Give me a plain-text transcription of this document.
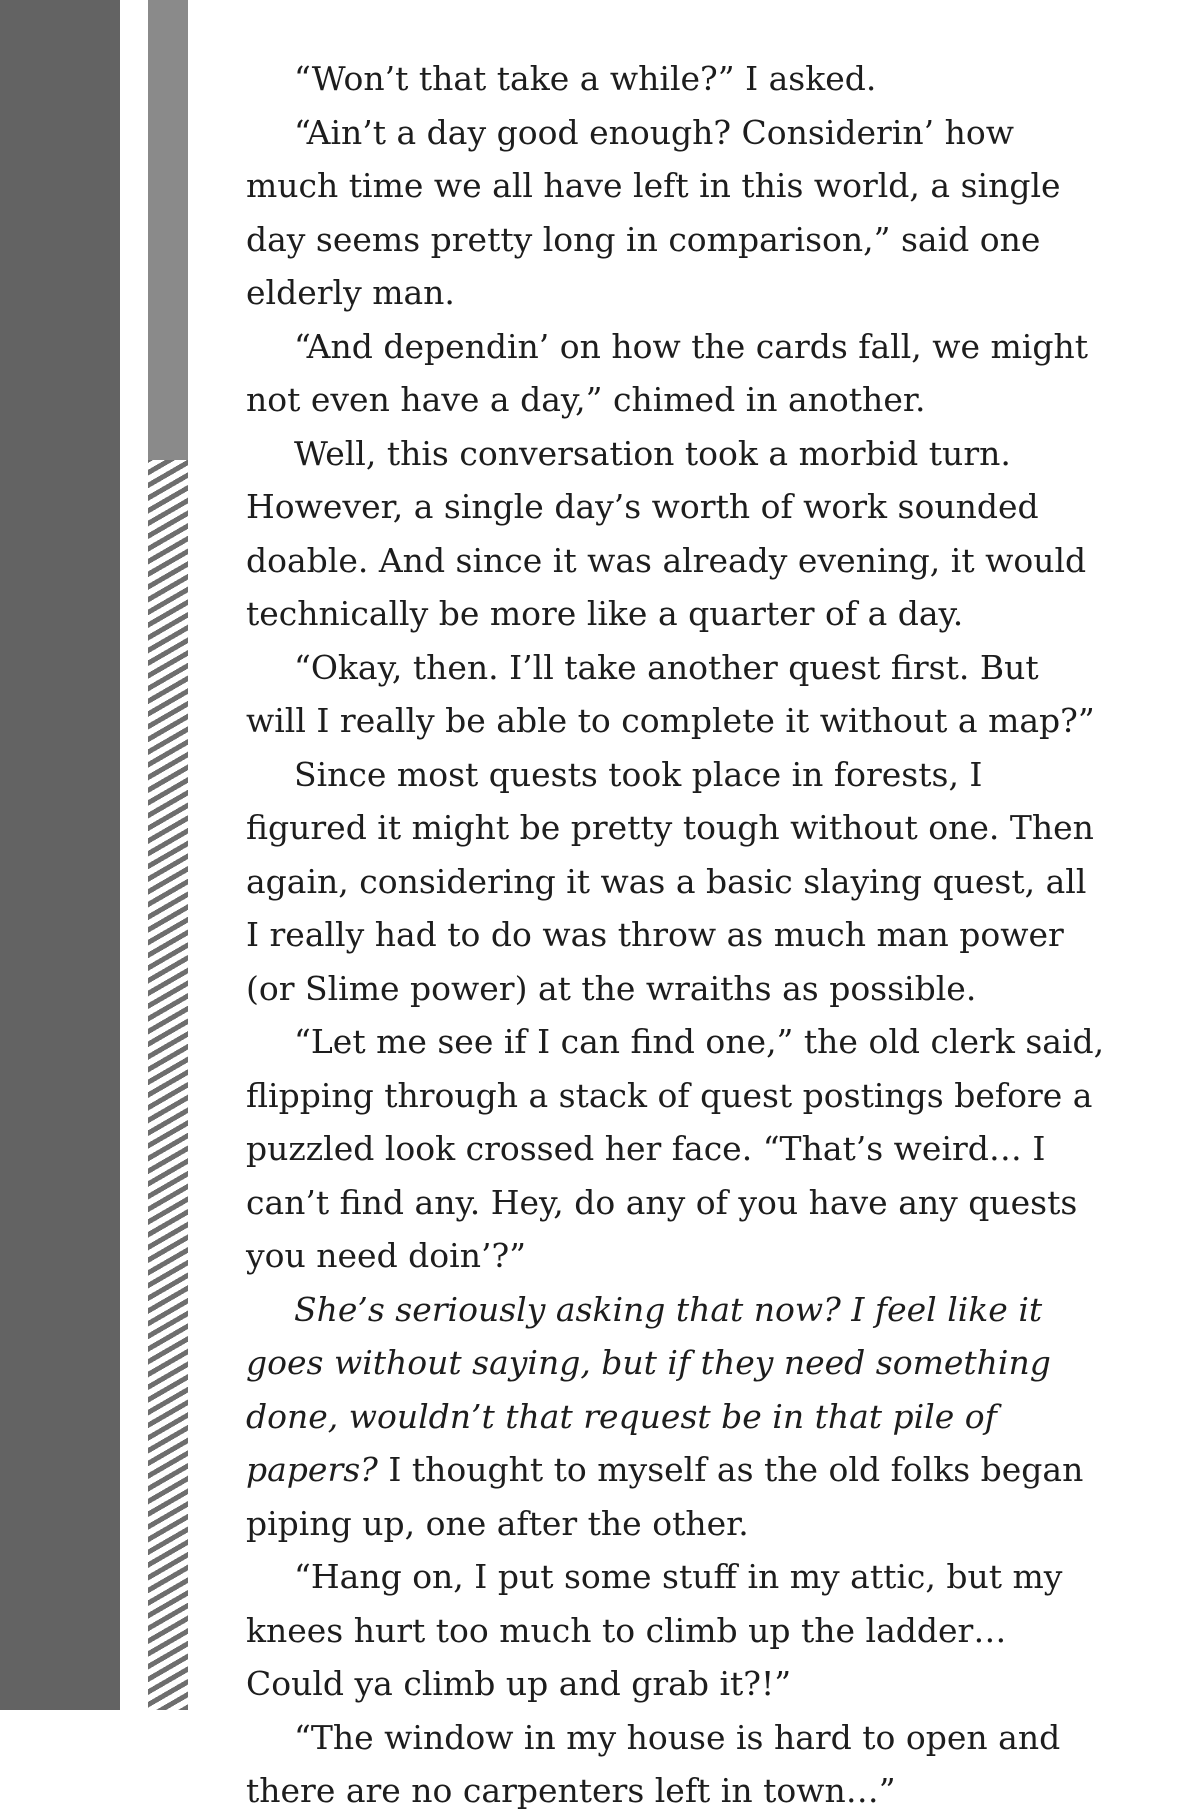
“Won’t that take a while?” I asked.

“Ain’t a day good enough? Considerin’ how much time we all have left in this world, a single day seems pretty long in comparison,” said one elderly man.

“And dependin’ on how the cards fall, we might not even have a day,” chimed in another.

Well, this conversation took a morbid turn. However, a single day’s worth of work sounded doable. And since it was already evening, it would technically be more like a quarter of a day.

“Okay, then. I’ll take another quest first. But will I really be able to complete it without a map?”

Since most quests took place in forests, I figured it might be pretty tough without one. Then again, considering it was a basic slaying quest, all I really had to do was throw as much man power (or Slime power) at the wraiths as possible.

“Let me see if I can find one,” the old clerk said, flipping through a stack of quest postings before a puzzled look crossed her face. “That’s weird… I can’t find any. Hey, do any of you have any quests you need doin’?”

She’s seriously asking that now? I feel like it goes without saying, but if they need something done, wouldn’t that request be in that pile of papers? I thought to myself as the old folks began piping up, one after the other.

“Hang on, I put some stuff in my attic, but my knees hurt too much to climb up the ladder… Could ya climb up and grab it?!”

“The window in my house is hard to open and there are no carpenters left in town…”
